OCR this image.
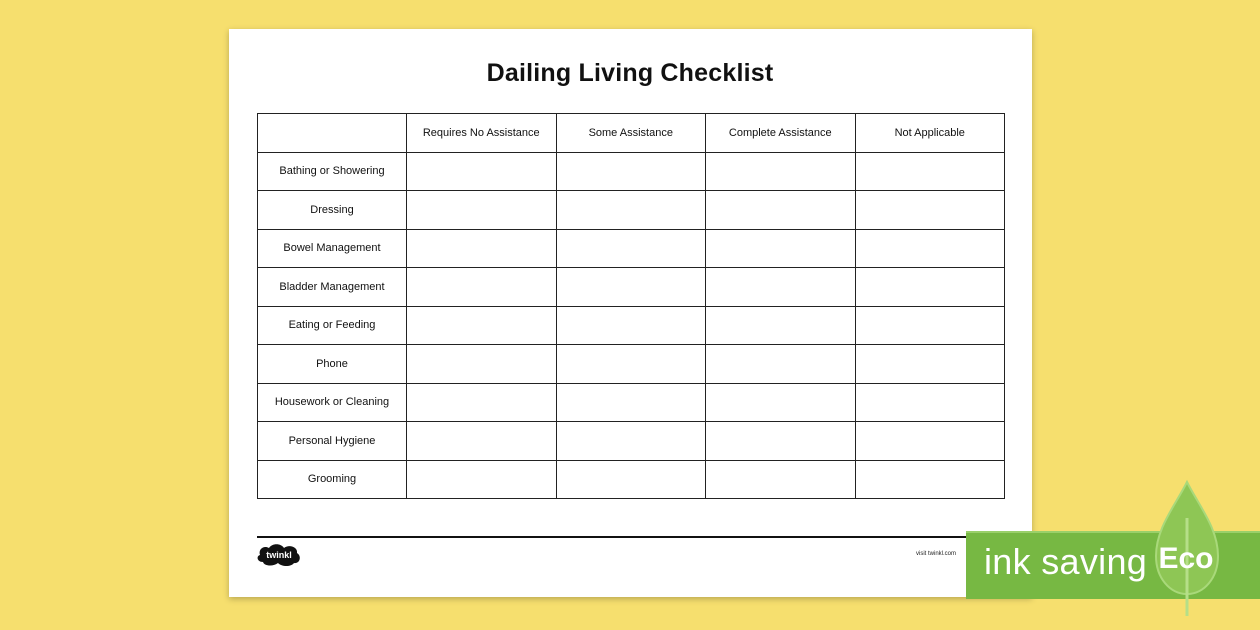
Dailing Living Checklist
	Requires No Assistance	Some Assistance	Complete Assistance	Not Applicable
Bathing or Showering				
Dressing				
Bowel Management				
Bladder Management				
Eating or Feeding				
Phone				
Housework or Cleaning				
Personal Hygiene				
Grooming				
twinkl	visit twinkl.com ink saving Eco
